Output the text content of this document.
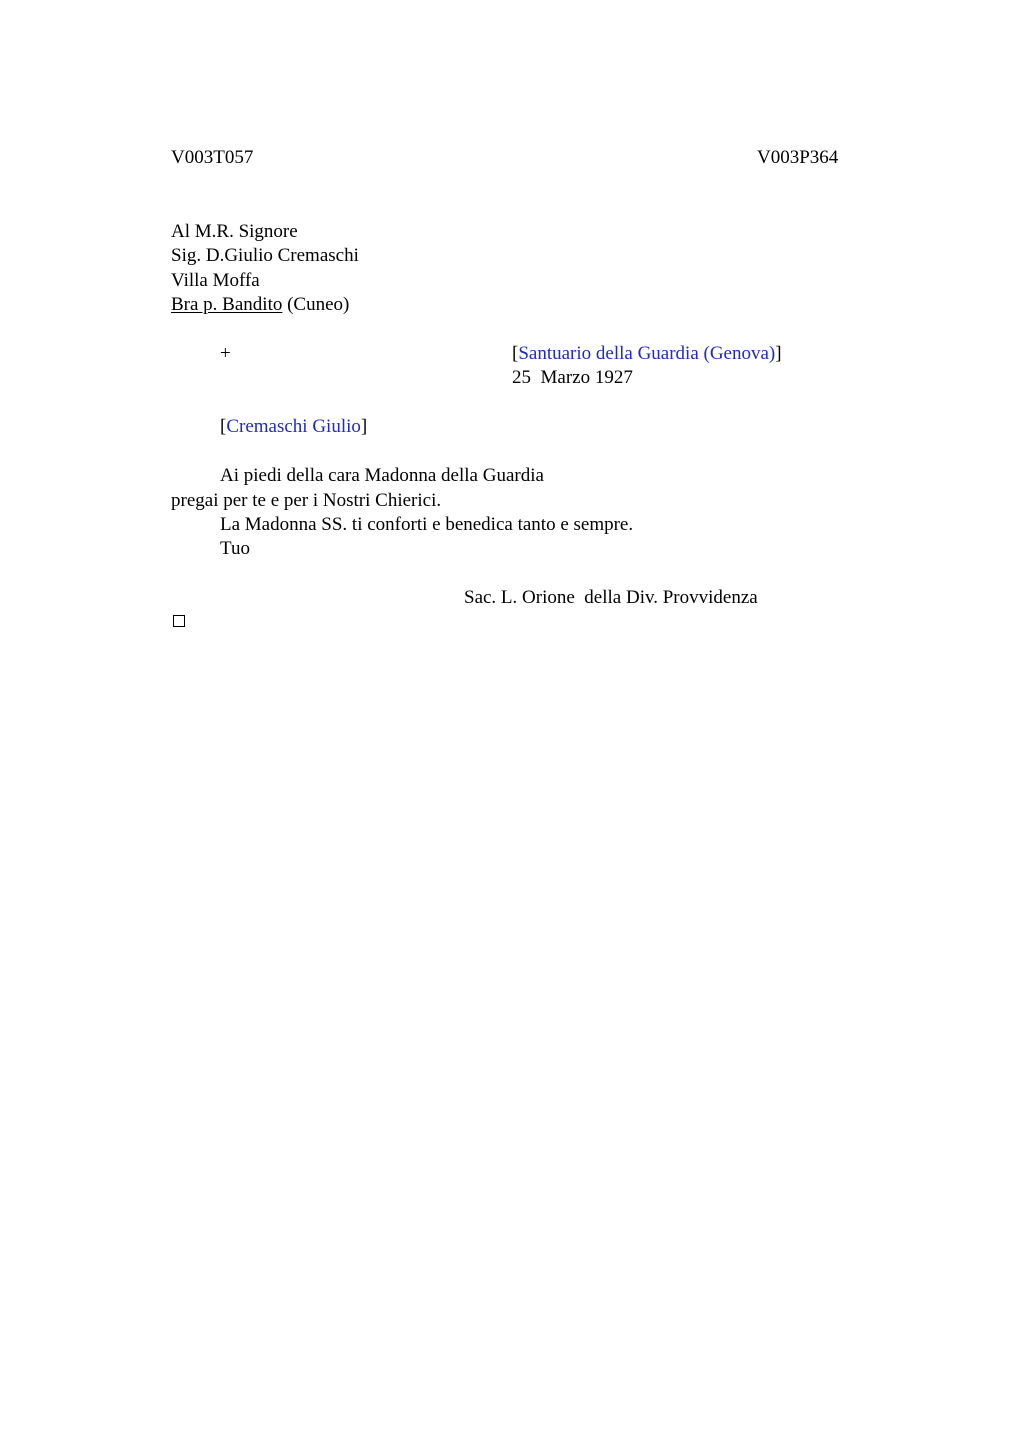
V003T057	V003P364
Al M.R. Signore
Sig. D.Giulio Cremaschi
Villa Moffa
Bra p. Bandito (Cuneo)
+	[Santuario della Guardia (Genova)]
25  Marzo 1927
[Cremaschi Giulio]
Ai piedi della cara Madonna della Guardia
pregai per te e per i Nostri Chierici.
La Madonna SS. ti conforti e benedica tanto e sempre.
Tuo
Sac. L. Orione  della Div. Provvidenza
